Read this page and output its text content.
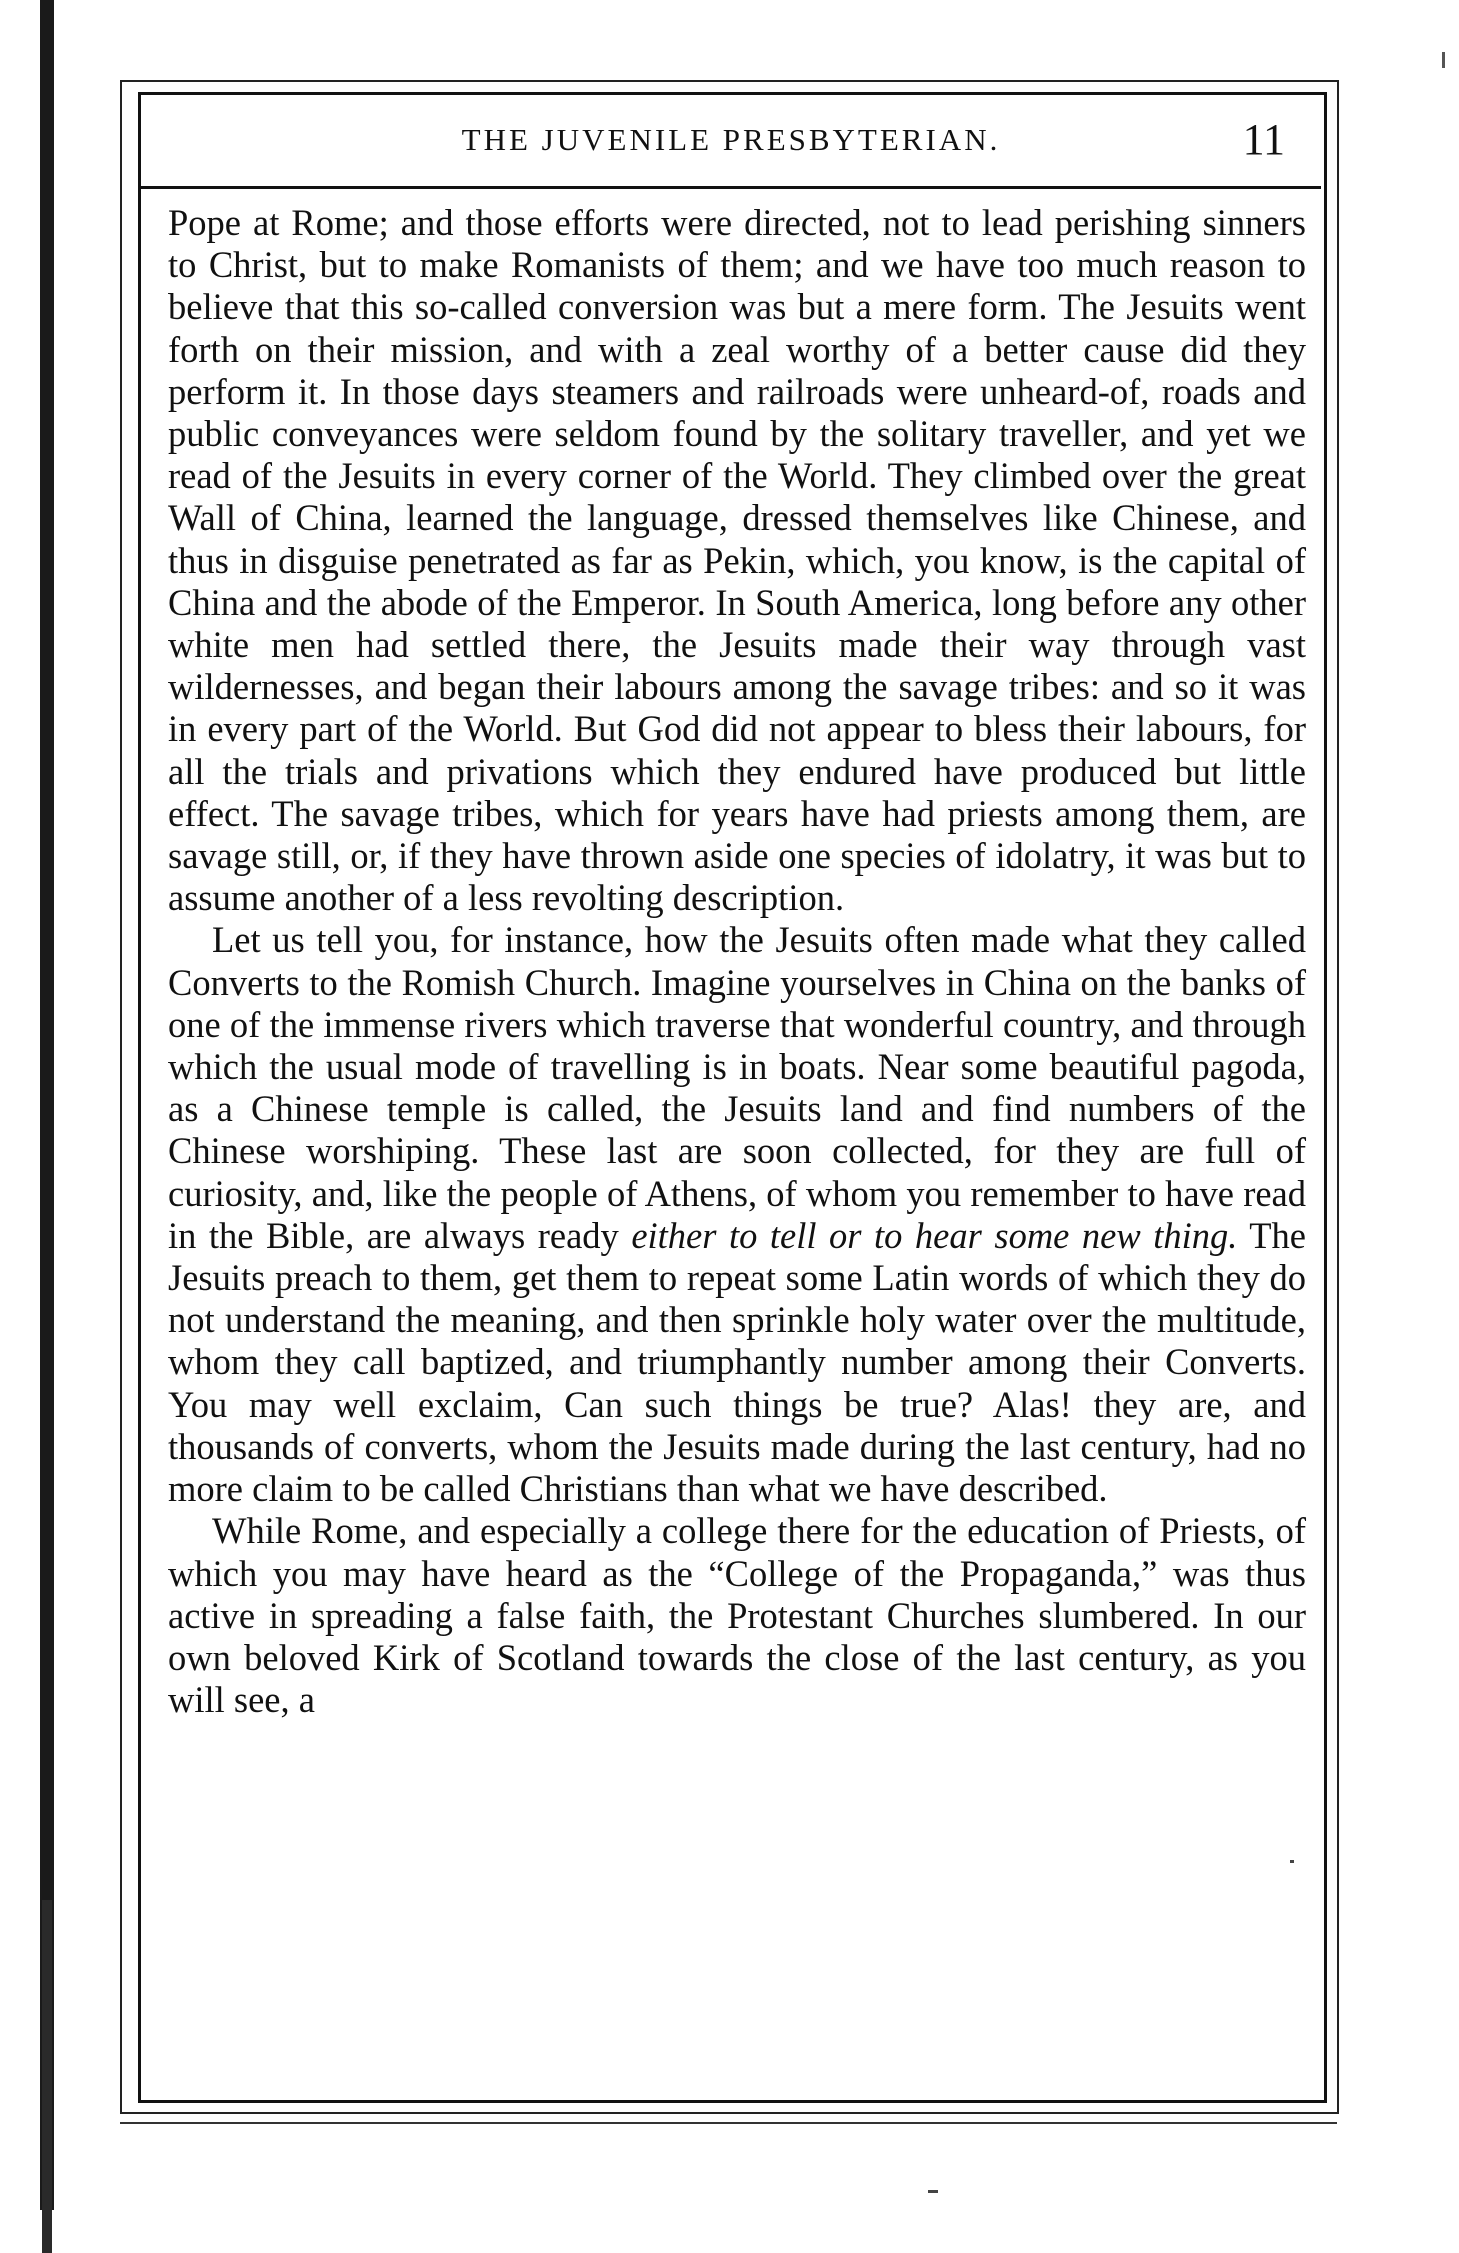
THE JUVENILE PRESBYTERIAN.	11

Pope at Rome; and those efforts were directed, not to lead perishing sinners to Christ, but to make Romanists of them; and we have too much reason to believe that this so-called conversion was but a mere form. The Jesuits went forth on their mission, and with a zeal worthy of a better cause did they perform it. In those days steamers and railroads were unheard-of, roads and public conveyances were seldom found by the solitary traveller, and yet we read of the Jesuits in every corner of the World. They climbed over the great Wall of China, learned the language, dressed themselves like Chinese, and thus in disguise penetrated as far as Pekin, which, you know, is the capital of China and the abode of the Emperor. In South America, long before any other white men had settled there, the Jesuits made their way through vast wildernesses, and began their labours among the savage tribes: and so it was in every part of the World. But God did not appear to bless their labours, for all the trials and privations which they endured have produced but little effect. The savage tribes, which for years have had priests among them, are savage still, or, if they have thrown aside one species of idolatry, it was but to assume another of a less revolting description.

Let us tell you, for instance, how the Jesuits often made what they called Converts to the Romish Church. Imagine yourselves in China on the banks of one of the immense rivers which traverse that wonderful country, and through which the usual mode of travelling is in boats. Near some beautiful pagoda, as a Chinese temple is called, the Jesuits land and find numbers of the Chinese worshiping. These last are soon collected, for they are full of curiosity, and, like the people of Athens, of whom you remember to have read in the Bible, are always ready either to tell or to hear some new thing. The Jesuits preach to them, get them to repeat some Latin words of which they do not understand the meaning, and then sprinkle holy water over the multitude, whom they call baptized, and triumphantly number among their Converts. You may well exclaim, Can such things be true? Alas! they are, and thousands of converts, whom the Jesuits made during the last century, had no more claim to be called Christians than what we have described.

While Rome, and especially a college there for the education of Priests, of which you may have heard as the “College of the Propaganda,” was thus active in spreading a false faith, the Protestant Churches slumbered. In our own beloved Kirk of Scotland towards the close of the last century, as you will see, a
